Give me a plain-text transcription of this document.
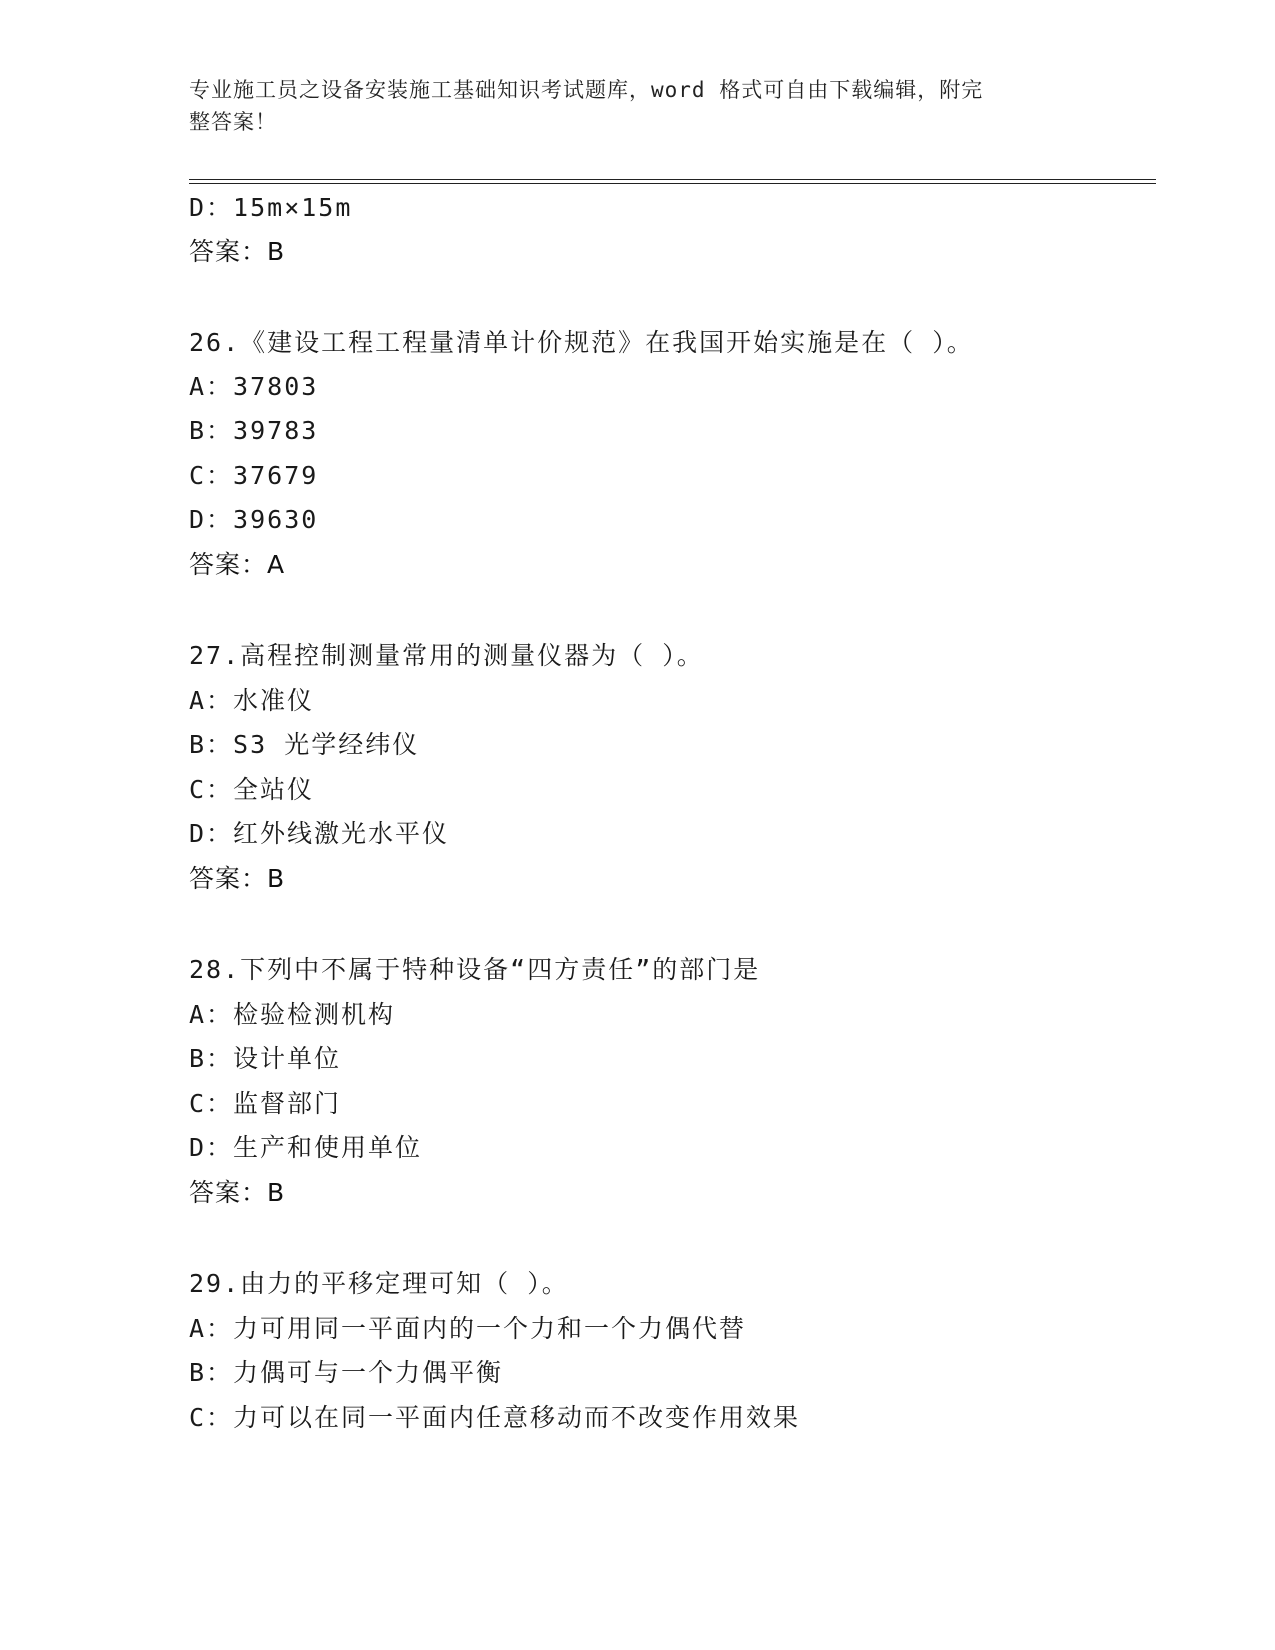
专业施工员之设备安装施工基础知识考试题库，word 格式可自由下载编辑，附完
整答案！
D：15m×15m
答案：B
26.《建设工程工程量清单计价规范》在我国开始实施是在（ ）。
A：37803
B：39783
C：37679
D：39630
答案：A
27.高程控制测量常用的测量仪器为（ ）。
A：水准仪
B：S3 光学经纬仪
C：全站仪
D：红外线激光水平仪
答案：B
28.下列中不属于特种设备“四方责任”的部门是
A：检验检测机构
B：设计单位
C：监督部门
D：生产和使用单位
答案：B
29.由力的平移定理可知（ ）。
A：力可用同一平面内的一个力和一个力偶代替
B：力偶可与一个力偶平衡
C：力可以在同一平面内任意移动而不改变作用效果
